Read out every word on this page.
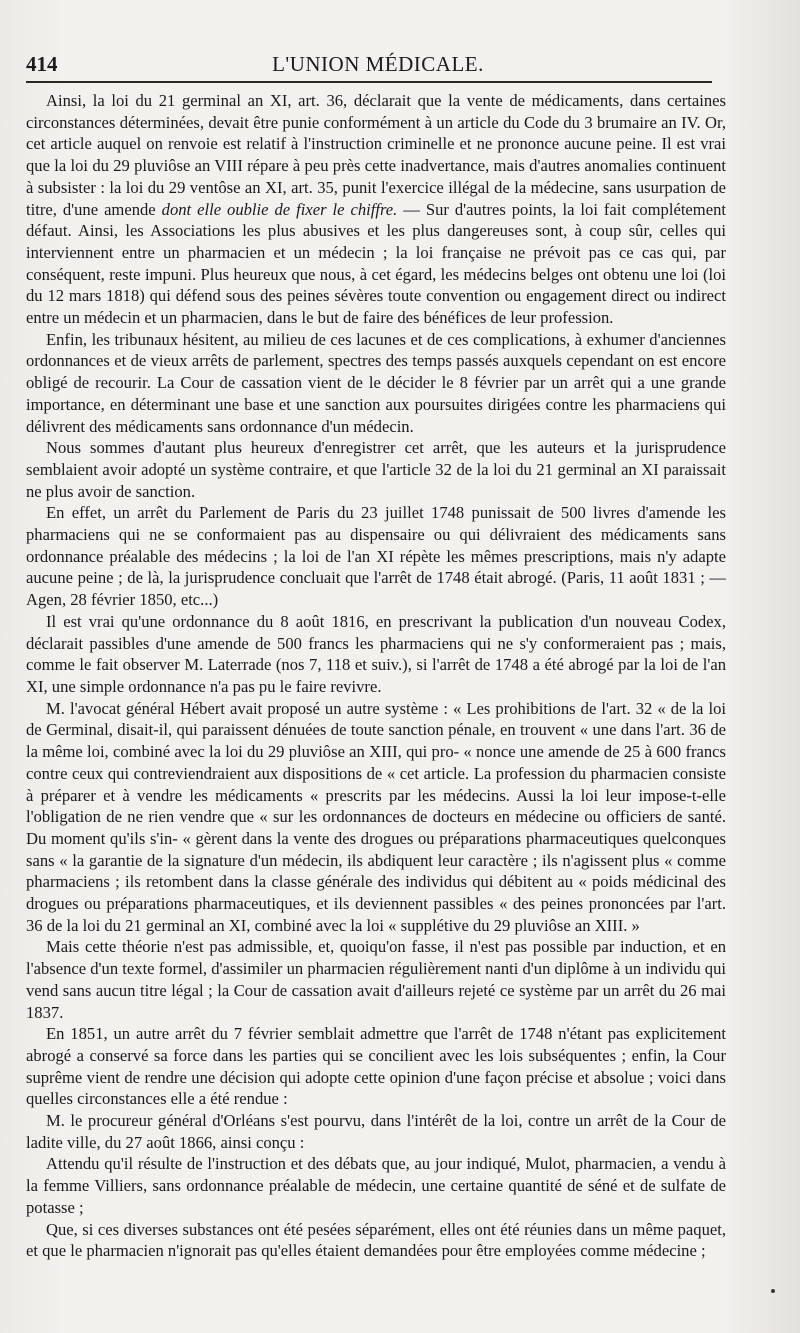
414	L'UNION MÉDICALE.

Ainsi, la loi du 21 germinal an XI, art. 36, déclarait que la vente de médicaments, dans certaines circonstances déterminées, devait être punie conformément à un article du Code du 3 brumaire an IV. Or, cet article auquel on renvoie est relatif à l'instruction criminelle et ne prononce aucune peine. Il est vrai que la loi du 29 pluviôse an VIII répare à peu près cette inadvertance, mais d'autres anomalies continuent à subsister : la loi du 29 ventôse an XI, art. 35, punit l'exercice illégal de la médecine, sans usurpation de titre, d'une amende dont elle oublie de fixer le chiffre. — Sur d'autres points, la loi fait complétement défaut. Ainsi, les Associations les plus abusives et les plus dangereuses sont, à coup sûr, celles qui interviennent entre un pharmacien et un médecin ; la loi française ne prévoit pas ce cas qui, par conséquent, reste impuni. Plus heureux que nous, à cet égard, les médecins belges ont obtenu une loi (loi du 12 mars 1818) qui défend sous des peines sévères toute convention ou engagement direct ou indirect entre un médecin et un pharmacien, dans le but de faire des bénéfices de leur profession.

Enfin, les tribunaux hésitent, au milieu de ces lacunes et de ces complications, à exhumer d'anciennes ordonnances et de vieux arrêts de parlement, spectres des temps passés auxquels cependant on est encore obligé de recourir. La Cour de cassation vient de le décider le 8 février par un arrêt qui a une grande importance, en déterminant une base et une sanction aux poursuites dirigées contre les pharmaciens qui délivrent des médicaments sans ordonnance d'un médecin.

Nous sommes d'autant plus heureux d'enregistrer cet arrêt, que les auteurs et la jurisprudence semblaient avoir adopté un système contraire, et que l'article 32 de la loi du 21 germinal an XI paraissait ne plus avoir de sanction.

En effet, un arrêt du Parlement de Paris du 23 juillet 1748 punissait de 500 livres d'amende les pharmaciens qui ne se conformaient pas au dispensaire ou qui délivraient des médicaments sans ordonnance préalable des médecins ; la loi de l'an XI répète les mêmes prescriptions, mais n'y adapte aucune peine ; de là, la jurisprudence concluait que l'arrêt de 1748 était abrogé. (Paris, 11 août 1831 ; — Agen, 28 février 1850, etc...)

Il est vrai qu'une ordonnance du 8 août 1816, en prescrivant la publication d'un nouveau Codex, déclarait passibles d'une amende de 500 francs les pharmaciens qui ne s'y conformeraient pas ; mais, comme le fait observer M. Laterrade (nos 7, 118 et suiv.), si l'arrêt de 1748 a été abrogé par la loi de l'an XI, une simple ordonnance n'a pas pu le faire revivre.

M. l'avocat général Hébert avait proposé un autre système : « Les prohibitions de l'art. 32 « de la loi de Germinal, disait-il, qui paraissent dénuées de toute sanction pénale, en trouvent « une dans l'art. 36 de la même loi, combiné avec la loi du 29 pluviôse an XIII, qui pro- « nonce une amende de 25 à 600 francs contre ceux qui contreviendraient aux dispositions de « cet article. La profession du pharmacien consiste à préparer et à vendre les médicaments « prescrits par les médecins. Aussi la loi leur impose-t-elle l'obligation de ne rien vendre que « sur les ordonnances de docteurs en médecine ou officiers de santé. Du moment qu'ils s'in- « gèrent dans la vente des drogues ou préparations pharmaceutiques quelconques sans « la garantie de la signature d'un médecin, ils abdiquent leur caractère ; ils n'agissent plus « comme pharmaciens ; ils retombent dans la classe générale des individus qui débitent au « poids médicinal des drogues ou préparations pharmaceutiques, et ils deviennent passibles « des peines prononcées par l'art. 36 de la loi du 21 germinal an XI, combiné avec la loi « supplétive du 29 pluviôse an XIII. »

Mais cette théorie n'est pas admissible, et, quoiqu'on fasse, il n'est pas possible par induction, et en l'absence d'un texte formel, d'assimiler un pharmacien régulièrement nanti d'un diplôme à un individu qui vend sans aucun titre légal ; la Cour de cassation avait d'ailleurs rejeté ce système par un arrêt du 26 mai 1837.

En 1851, un autre arrêt du 7 février semblait admettre que l'arrêt de 1748 n'étant pas explicitement abrogé a conservé sa force dans les parties qui se concilient avec les lois subséquentes ; enfin, la Cour suprême vient de rendre une décision qui adopte cette opinion d'une façon précise et absolue ; voici dans quelles circonstances elle a été rendue :

M. le procureur général d'Orléans s'est pourvu, dans l'intérêt de la loi, contre un arrêt de la Cour de ladite ville, du 27 août 1866, ainsi conçu :

Attendu qu'il résulte de l'instruction et des débats que, au jour indiqué, Mulot, pharmacien, a vendu à la femme Villiers, sans ordonnance préalable de médecin, une certaine quantité de séné et de sulfate de potasse ;

Que, si ces diverses substances ont été pesées séparément, elles ont été réunies dans un même paquet, et que le pharmacien n'ignorait pas qu'elles étaient demandées pour être employées comme médecine ;
